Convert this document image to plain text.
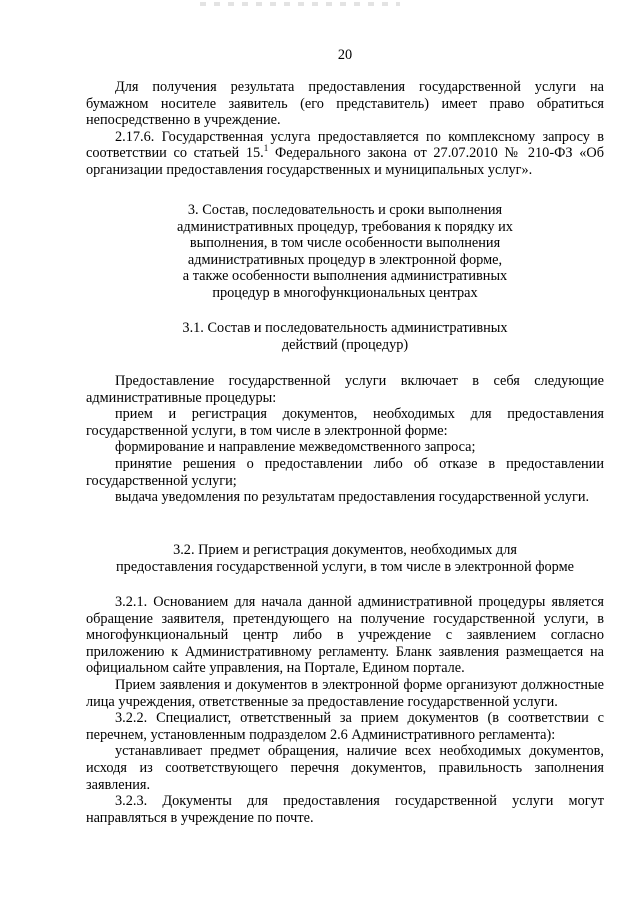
20

Для получения результата предоставления государственной услуги на бумажном носителе заявитель (его представитель) имеет право обратиться непосредственно в учреждение.

2.17.6. Государственная услуга предоставляется по комплексному запросу в соответствии со статьей 15.$^1$ Федерального закона от 27.07.2010 № 210-ФЗ «Об организации предоставления государственных и муниципальных услуг».

3. Состав, последовательность и сроки выполнения

административных процедур, требования к порядку их

выполнения, в том числе особенности выполнения

административных процедур в электронной форме,

а также особенности выполнения административных

процедур в многофункциональных центрах

3.1. Состав и последовательность административных

действий (процедур)

Предоставление государственной услуги включает в себя следующие административные процедуры:

прием и регистрация документов, необходимых для предоставления государственной услуги, в том числе в электронной форме:

формирование и направление межведомственного запроса;

принятие решения о предоставлении либо об отказе в предоставлении государственной услуги;

выдача уведомления по результатам предоставления государственной услуги.

3.2. Прием и регистрация документов, необходимых для

предоставления государственной услуги, в том числе в электронной форме

3.2.1. Основанием для начала данной административной процедуры является обращение заявителя, претендующего на получение государственной услуги, в многофункциональный центр либо в учреждение с заявлением согласно приложению к Административному регламенту. Бланк заявления размещается на официальном сайте управления, на Портале, Едином портале.

Прием заявления и документов в электронной форме организуют должностные лица учреждения, ответственные за предоставление государственной услуги.

3.2.2. Специалист, ответственный за прием документов (в соответствии с перечнем, установленным подразделом 2.6 Административного регламента):

устанавливает предмет обращения, наличие всех необходимых документов, исходя из соответствующего перечня документов, правильность заполнения заявления.

3.2.3. Документы для предоставления государственной услуги могут направляться в учреждение по почте.
